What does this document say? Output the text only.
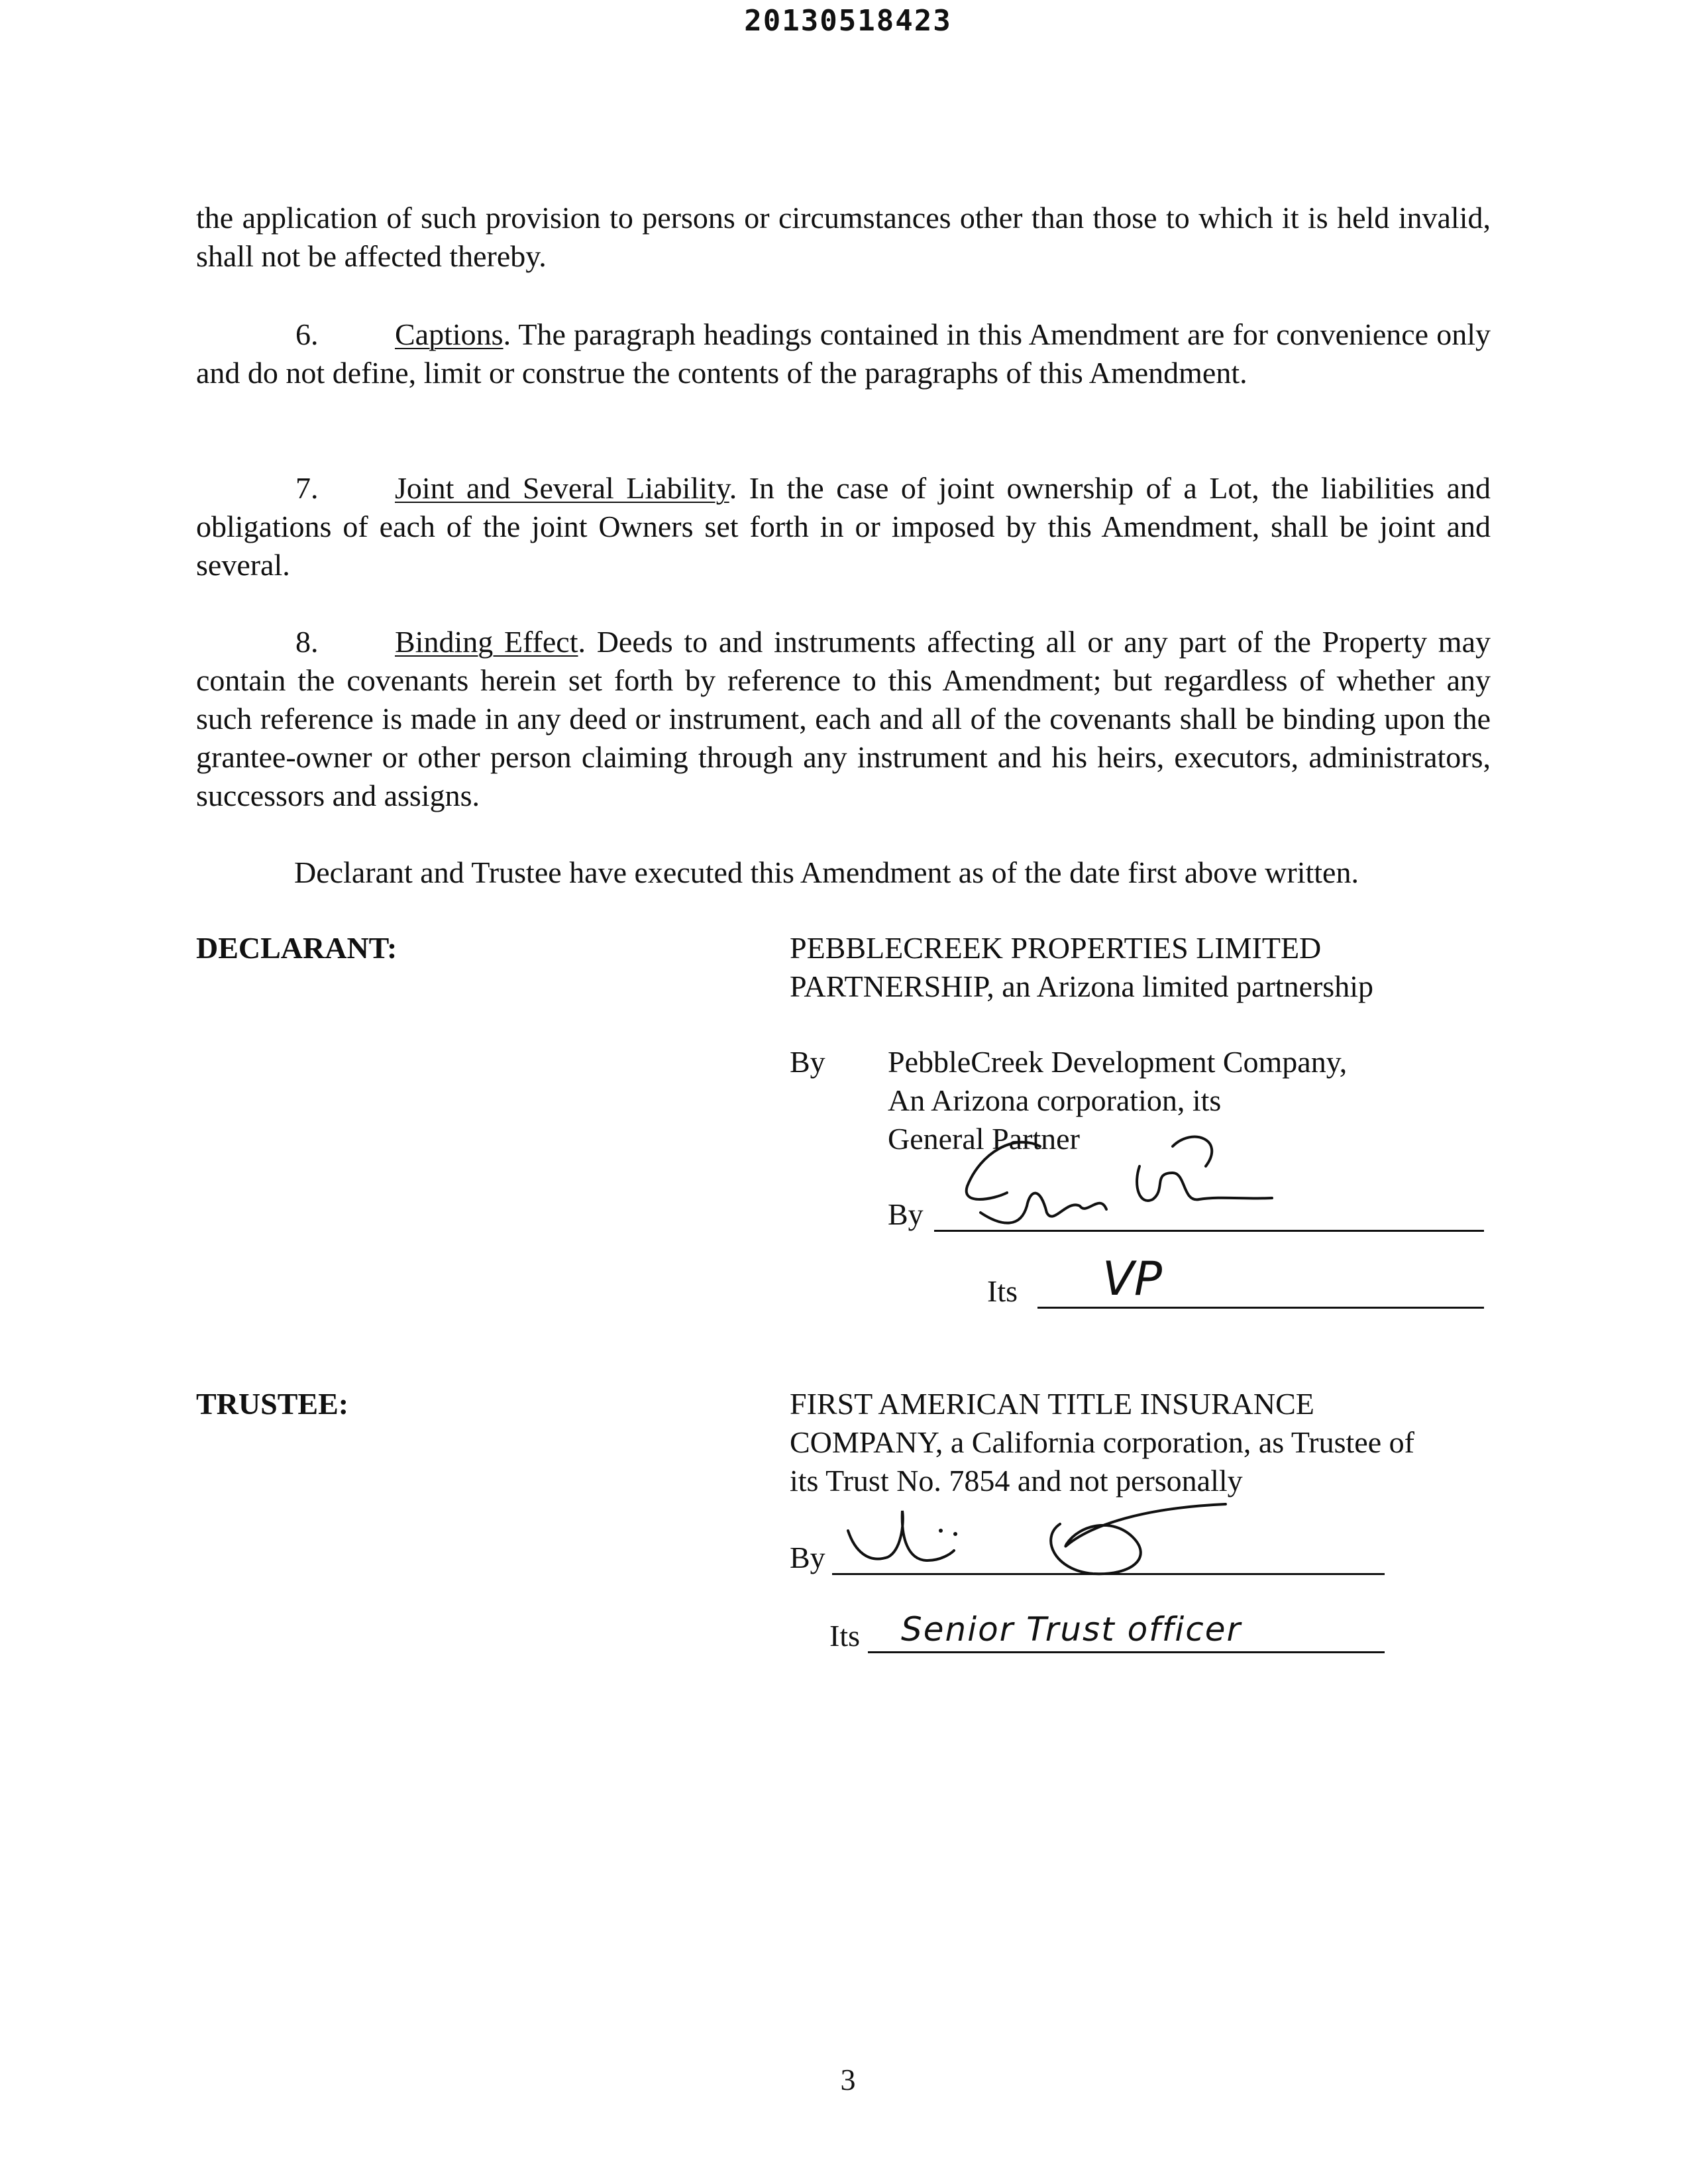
20130518423

the application of such provision to persons or circumstances other than those to which it is held invalid, shall not be affected thereby.

6.	Captions. The paragraph headings contained in this Amendment are for convenience only and do not define, limit or construe the contents of the paragraphs of this Amendment.

7.	Joint and Several Liability. In the case of joint ownership of a Lot, the liabilities and obligations of each of the joint Owners set forth in or imposed by this Amendment, shall be joint and several.

8.	Binding Effect. Deeds to and instruments affecting all or any part of the Property may contain the covenants herein set forth by reference to this Amendment; but regardless of whether any such reference is made in any deed or instrument, each and all of the covenants shall be binding upon the grantee-owner or other person claiming through any instrument and his heirs, executors, administrators, successors and assigns.

Declarant and Trustee have executed this Amendment as of the date first above written.

DECLARANT:	PEBBLECREEK PROPERTIES LIMITED
PARTNERSHIP, an Arizona limited partnership
By PebbleCreek Development Company,
An Arizona corporation, its
General Partner
By
Its VP
TRUSTEE:	FIRST AMERICAN TITLE INSURANCE
COMPANY, a California corporation, as Trustee of
its Trust No. 7854 and not personally
By
Its Senior Trust officer
3
